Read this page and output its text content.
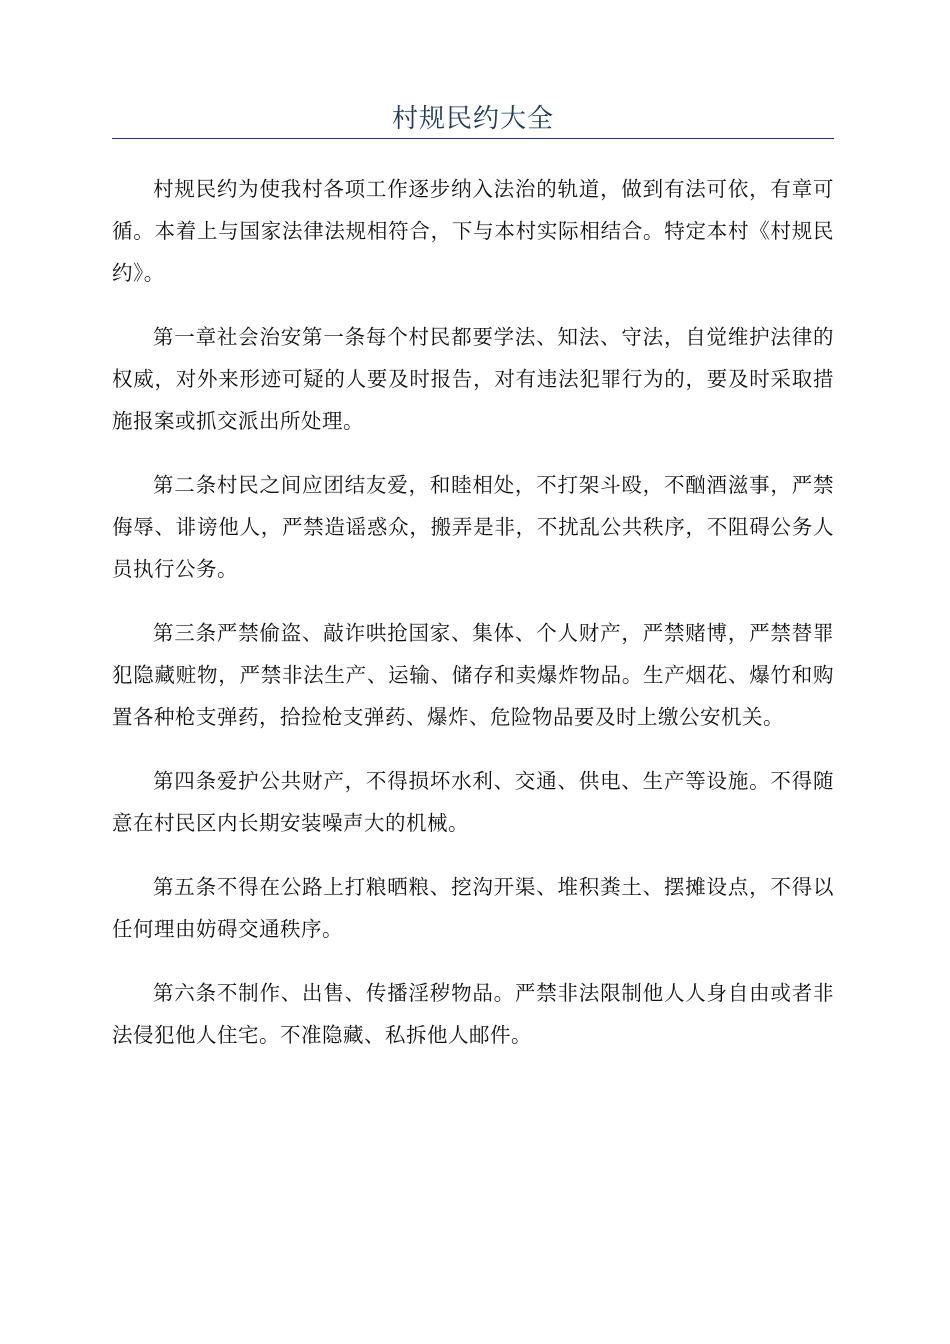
村规民约大全

村规民约为使我村各项工作逐步纳入法治的轨道，做到有法可依，有章可循。本着上与国家法律法规相符合，下与本村实际相结合。特定本村《村规民约》。

第一章社会治安第一条每个村民都要学法、知法、守法，自觉维护法律的权威，对外来形迹可疑的人要及时报告，对有违法犯罪行为的，要及时采取措施报案或抓交派出所处理。

第二条村民之间应团结友爱，和睦相处，不打架斗殴，不酗酒滋事，严禁侮辱、诽谤他人，严禁造谣惑众，搬弄是非，不扰乱公共秩序，不阻碍公务人员执行公务。

第三条严禁偷盗、敲诈哄抢国家、集体、个人财产，严禁赌博，严禁替罪犯隐藏赃物，严禁非法生产、运输、储存和卖爆炸物品。生产烟花、爆竹和购置各种枪支弹药，拾捡枪支弹药、爆炸、危险物品要及时上缴公安机关。

第四条爱护公共财产，不得损坏水利、交通、供电、生产等设施。不得随意在村民区内长期安装噪声大的机械。

第五条不得在公路上打粮晒粮、挖沟开渠、堆积粪土、摆摊设点，不得以任何理由妨碍交通秩序。

第六条不制作、出售、传播淫秽物品。严禁非法限制他人人身自由或者非法侵犯他人住宅。不准隐藏、私拆他人邮件。
